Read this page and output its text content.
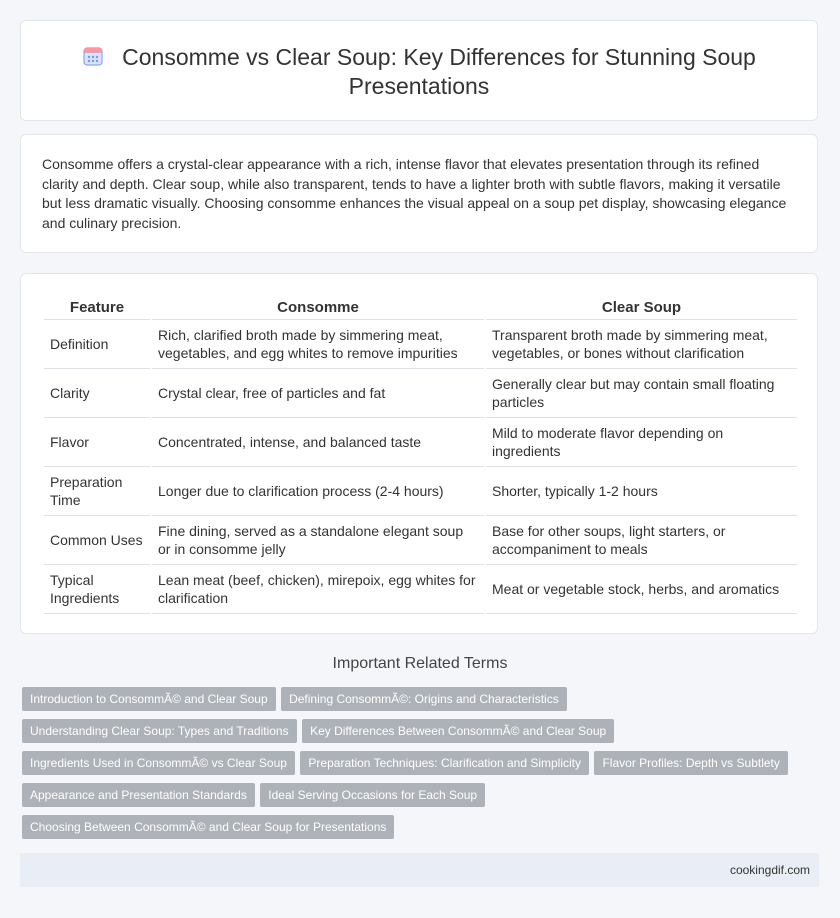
Consomme vs Clear Soup: Key Differences for Stunning Soup Presentations
Consomme offers a crystal-clear appearance with a rich, intense flavor that elevates presentation through its refined clarity and depth. Clear soup, while also transparent, tends to have a lighter broth with subtle flavors, making it versatile but less dramatic visually. Choosing consomme enhances the visual appeal on a soup pet display, showcasing elegance and culinary precision.
Feature	Consomme	Clear Soup
Definition	Rich, clarified broth made by simmering meat, vegetables, and egg whites to remove impurities	Transparent broth made by simmering meat, vegetables, or bones without clarification
Clarity	Crystal clear, free of particles and fat	Generally clear but may contain small floating particles
Flavor	Concentrated, intense, and balanced taste	Mild to moderate flavor depending on ingredients
Preparation Time	Longer due to clarification process (2-4 hours)	Shorter, typically 1-2 hours
Common Uses	Fine dining, served as a standalone elegant soup or in consomme jelly	Base for other soups, light starters, or accompaniment to meals
Typical Ingredients	Lean meat (beef, chicken), mirepoix, egg whites for clarification	Meat or vegetable stock, herbs, and aromatics
Important Related Terms
Introduction to ConsommÃ© and Clear Soup Defining ConsommÃ©: Origins and Characteristics Understanding Clear Soup: Types and Traditions Key Differences Between ConsommÃ© and Clear Soup Ingredients Used in ConsommÃ© vs Clear Soup Preparation Techniques: Clarification and Simplicity Flavor Profiles: Depth vs Subtlety Appearance and Presentation Standards Ideal Serving Occasions for Each Soup Choosing Between ConsommÃ© and Clear Soup for Presentations
cookingdif.com
